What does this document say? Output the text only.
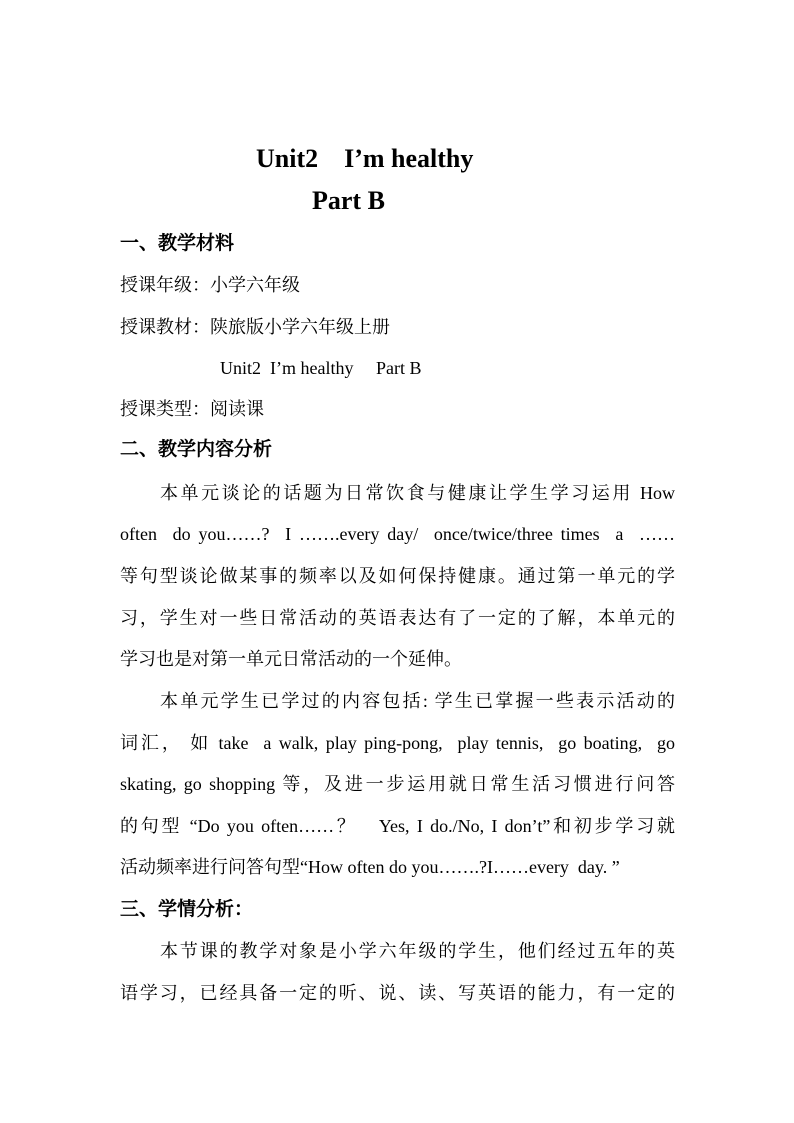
Unit2    I’m healthy
Part B
一、教学材料
授课年级：小学六年级
授课教材：陕旅版小学六年级上册
Unit2  I’m healthy     Part B
授课类型：阅读课
二、教学内容分析
本单元谈论的话题为日常饮食与健康让学生学习运用 How
often  do you……?  I …….every day/  once/twice/three times  a  ……
等句型谈论做某事的频率以及如何保持健康。通过第一单元的学
习，学生对一些日常活动的英语表达有了一定的了解，本单元的
学习也是对第一单元日常活动的一个延伸。
本单元学生已学过的内容包括: 学生已掌握一些表示活动的
词汇， 如 take  a walk, play ping-pong,  play tennis,  go boating,  go
skating, go shopping 等，及进一步运用就日常生活习惯进行问答
的句型 “Do you often……？   Yes, I do./No, I don’t”和初步学习就
活动频率进行问答句型“How often do you…….?I……every  day. ”
三、学情分析：
本节课的教学对象是小学六年级的学生，他们经过五年的英
语学习，已经具备一定的听、说、读、写英语的能力，有一定的
